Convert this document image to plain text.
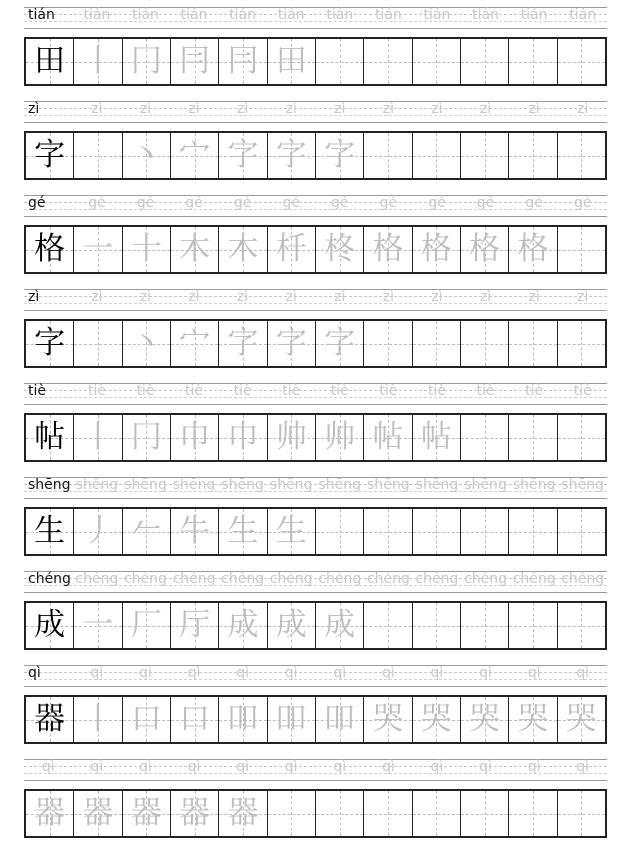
tián	tián	tián	tián	tián	tián	tián	tián	tián	tián	tián	tián
田 丨 冂 冃 冃 田
zì	zì	zì	zì	zì	zì	zì	zì	zì	zì	zì	zì
字 丶 宀 字 字 字
gé	gé	gé	gé	gé	gé	gé	gé	gé	gé	gé	gé
格 一 十 木 木 杄 柊 格 格 格 格
zì	zì	zì	zì	zì	zì	zì	zì	zì	zì	zì	zì
字 丶 宀 字 字 字
tiè	tiè	tiè	tiè	tiè	tiè	tiè	tiè	tiè	tiè	tiè	tiè
帖 丨 冂 巾 巾 帅 帅 帖 帖
shēng shēng shēng shēng shēng shēng shēng shēng shēng shēng shēng shēng
生 丿 𠂉 牛 生 生
chéng chéng chéng chéng chéng chéng chéng chéng chéng chéng chéng chéng
成 一 厂 厅 成 成 成
qì	qì	qì	qì	qì	qì	qì	qì	qì	qì	qì	qì
器 丨 口 口 吅 吅 吅 哭 哭 哭 哭 哭
qì	qì	qì	qì	qì	qì	qì	qì	qì	qì	qì	qì
器 器 器 器 器
